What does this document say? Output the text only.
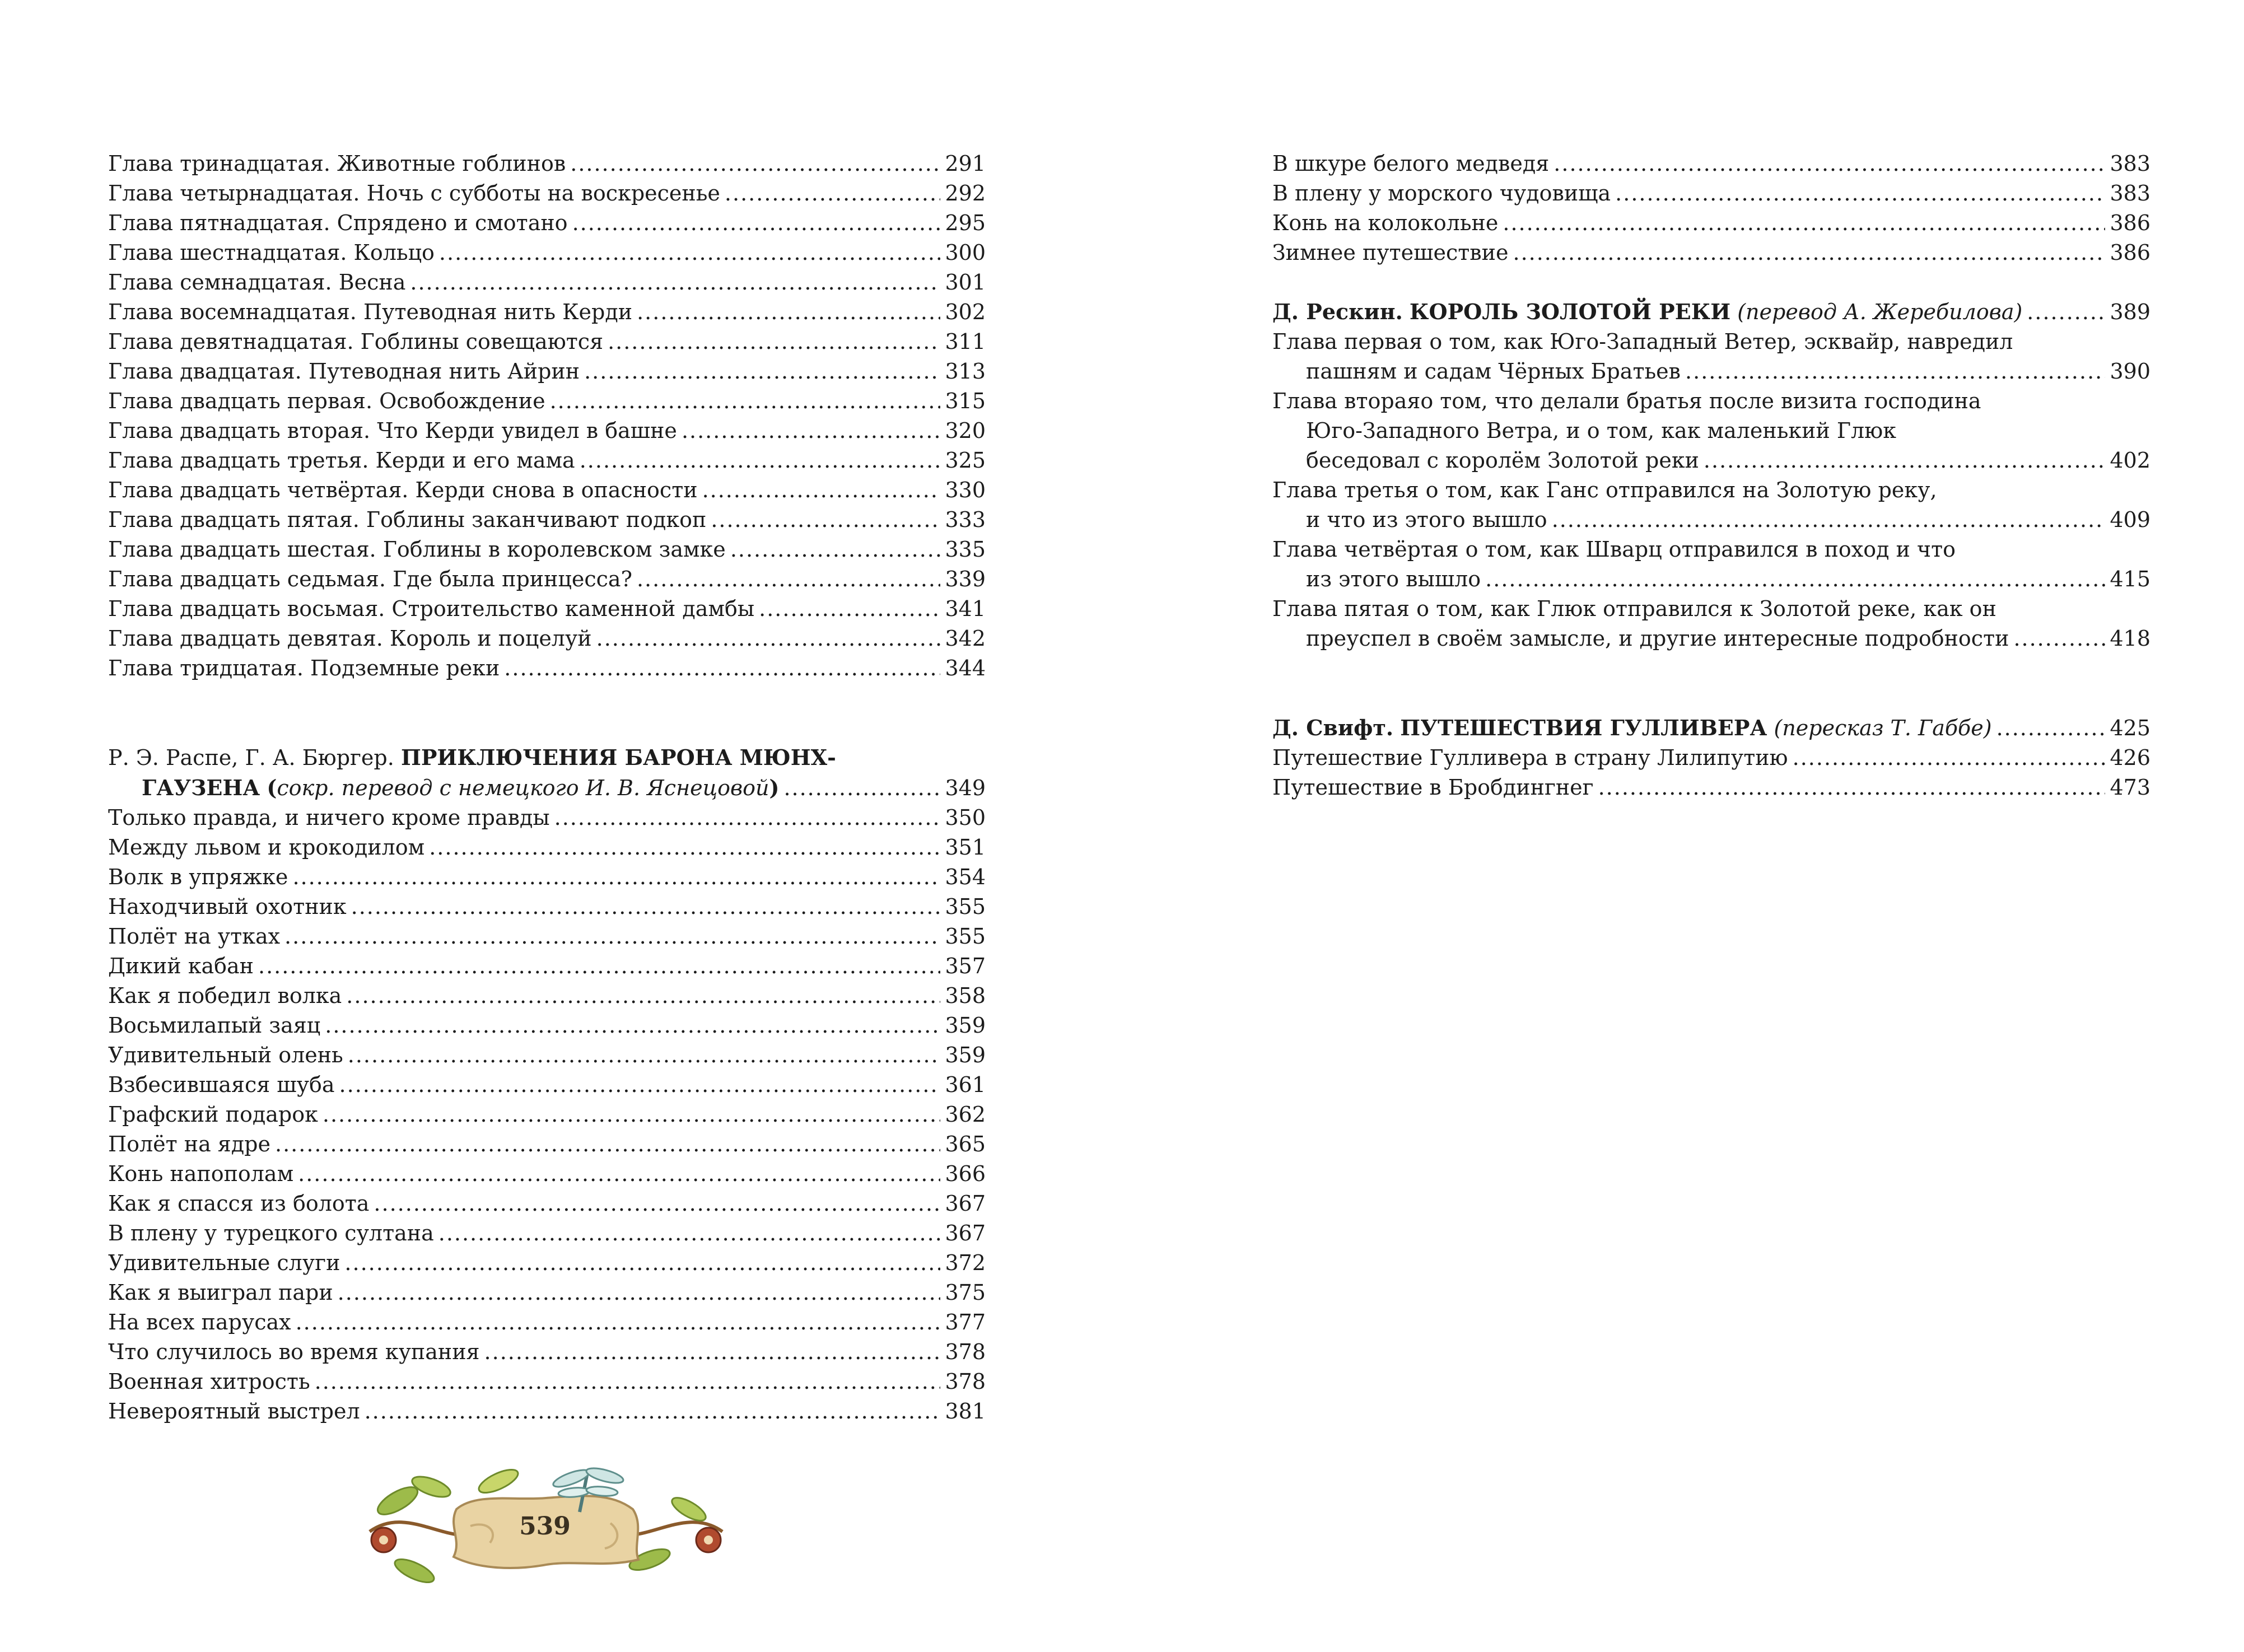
Глава тринадцатая. Животные гоблинов .....	291
Глава четырнадцатая. Ночь с субботы на воскресенье .....	292
Глава пятнадцатая. Спрядено и смотано .....	295
Глава шестнадцатая. Кольцо .....	300
Глава семнадцатая. Весна .....	301
Глава восемнадцатая. Путеводная нить Керди .....	302
Глава девятнадцатая. Гоблины совещаются .....	311
Глава двадцатая. Путеводная нить Айрин .....	313
Глава двадцать первая. Освобождение .....	315
Глава двадцать вторая. Что Керди увидел в башне .....	320
Глава двадцать третья. Керди и его мама .....	325
Глава двадцать четвёртая. Керди снова в опасности .....	330
Глава двадцать пятая. Гоблины заканчивают подкоп .....	333
Глава двадцать шестая. Гоблины в королевском замке .....	335
Глава двадцать седьмая. Где была принцесса? .....	339
Глава двадцать восьмая. Строительство каменной дамбы .....	341
Глава двадцать девятая. Король и поцелуй .....	342
Глава тридцатая. Подземные реки .....	344
Р. Э. Распе, Г. А. Бюргер. ПРИКЛЮЧЕНИЯ БАРОНА МЮНХ-
ГАУЗЕНА (сокр. перевод с немецкого И. В. Яснецовой) .....	349
Только правда, и ничего кроме правды .....	350
Между львом и крокодилом .....	351
Волк в упряжке .....	354
Находчивый охотник .....	355
Полёт на утках .....	355
Дикий кабан .....	357
Как я победил волка .....	358
Восьмилапый заяц .....	359
Удивительный олень .....	359
Взбесившаяся шуба .....	361
Графский подарок .....	362
Полёт на ядре .....	365
Конь напополам .....	366
Как я спасся из болота .....	367
В плену у турецкого султана .....	367
Удивительные слуги .....	372
Как я выиграл пари .....	375
На всех парусах .....	377
Что случилось во время купания .....	378
Военная хитрость .....	378
Невероятный выстрел .....	381
В шкуре белого медведя .....	383
В плену у морского чудовища .....	383
Конь на колокольне .....	386
Зимнее путешествие .....	386
Д. Рескин. КОРОЛЬ ЗОЛОТОЙ РЕКИ (перевод А. Жеребилова) .....	389
Глава первая о том, как Юго-Западный Ветер, эсквайр, навредил
пашням и садам Чёрных Братьев .....	390
Глава втораяо том, что делали братья после визита господина
Юго-Западного Ветра, и о том, как маленький Глюк
беседовал с королём Золотой реки .....	402
Глава третья о том, как Ганс отправился на Золотую реку,
и что из этого вышло .....	409
Глава четвёртая о том, как Шварц отправился в поход и что
из этого вышло .....	415
Глава пятая о том, как Глюк отправился к Золотой реке, как он
преуспел в своём замысле, и другие интересные подробности .....	418
Д. Свифт. ПУТЕШЕСТВИЯ ГУЛЛИВЕРА (пересказ Т. Габбе) .....	425
Путешествие Гулливера в страну Лилипутию .....	426
Путешествие в Бробдингнег .....	473
539
